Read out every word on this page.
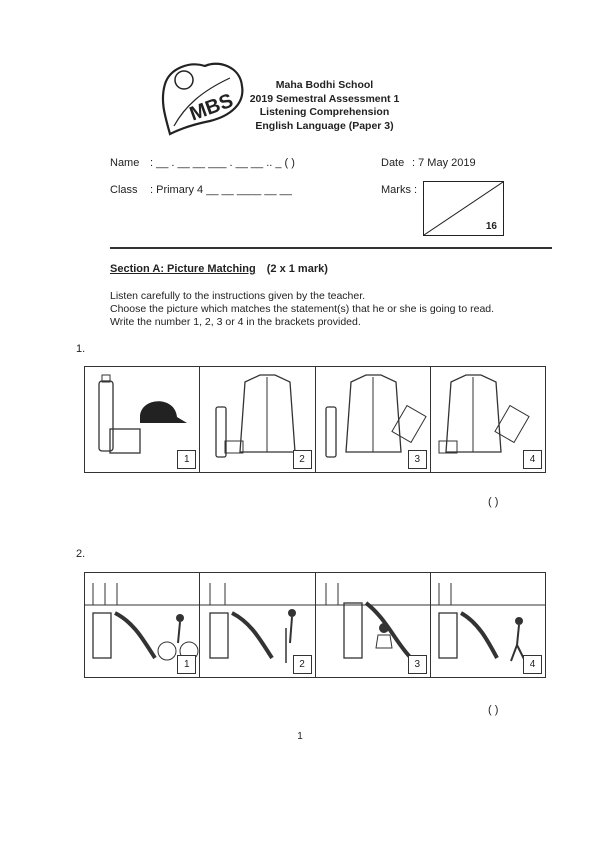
MBS
Maha Bodhi School
2019 Semestral Assessment 1
Listening Comprehension
English Language (Paper 3)
Name : __ . __ __ ___ . __ __ .. _ ( )	Date : 7 May 2019
Class : Primary 4 __ __ ____ __ __	Marks :
16
Section A: Picture Matching (2 x 1 mark)
Listen carefully to the instructions given by the teacher.
Choose the picture which matches the statement(s) that he or she is going to read.
Write the number 1, 2, 3 or 4 in the brackets provided.
1.
1	2	3	4
( )
2.
1	2	3	4
( )
1
